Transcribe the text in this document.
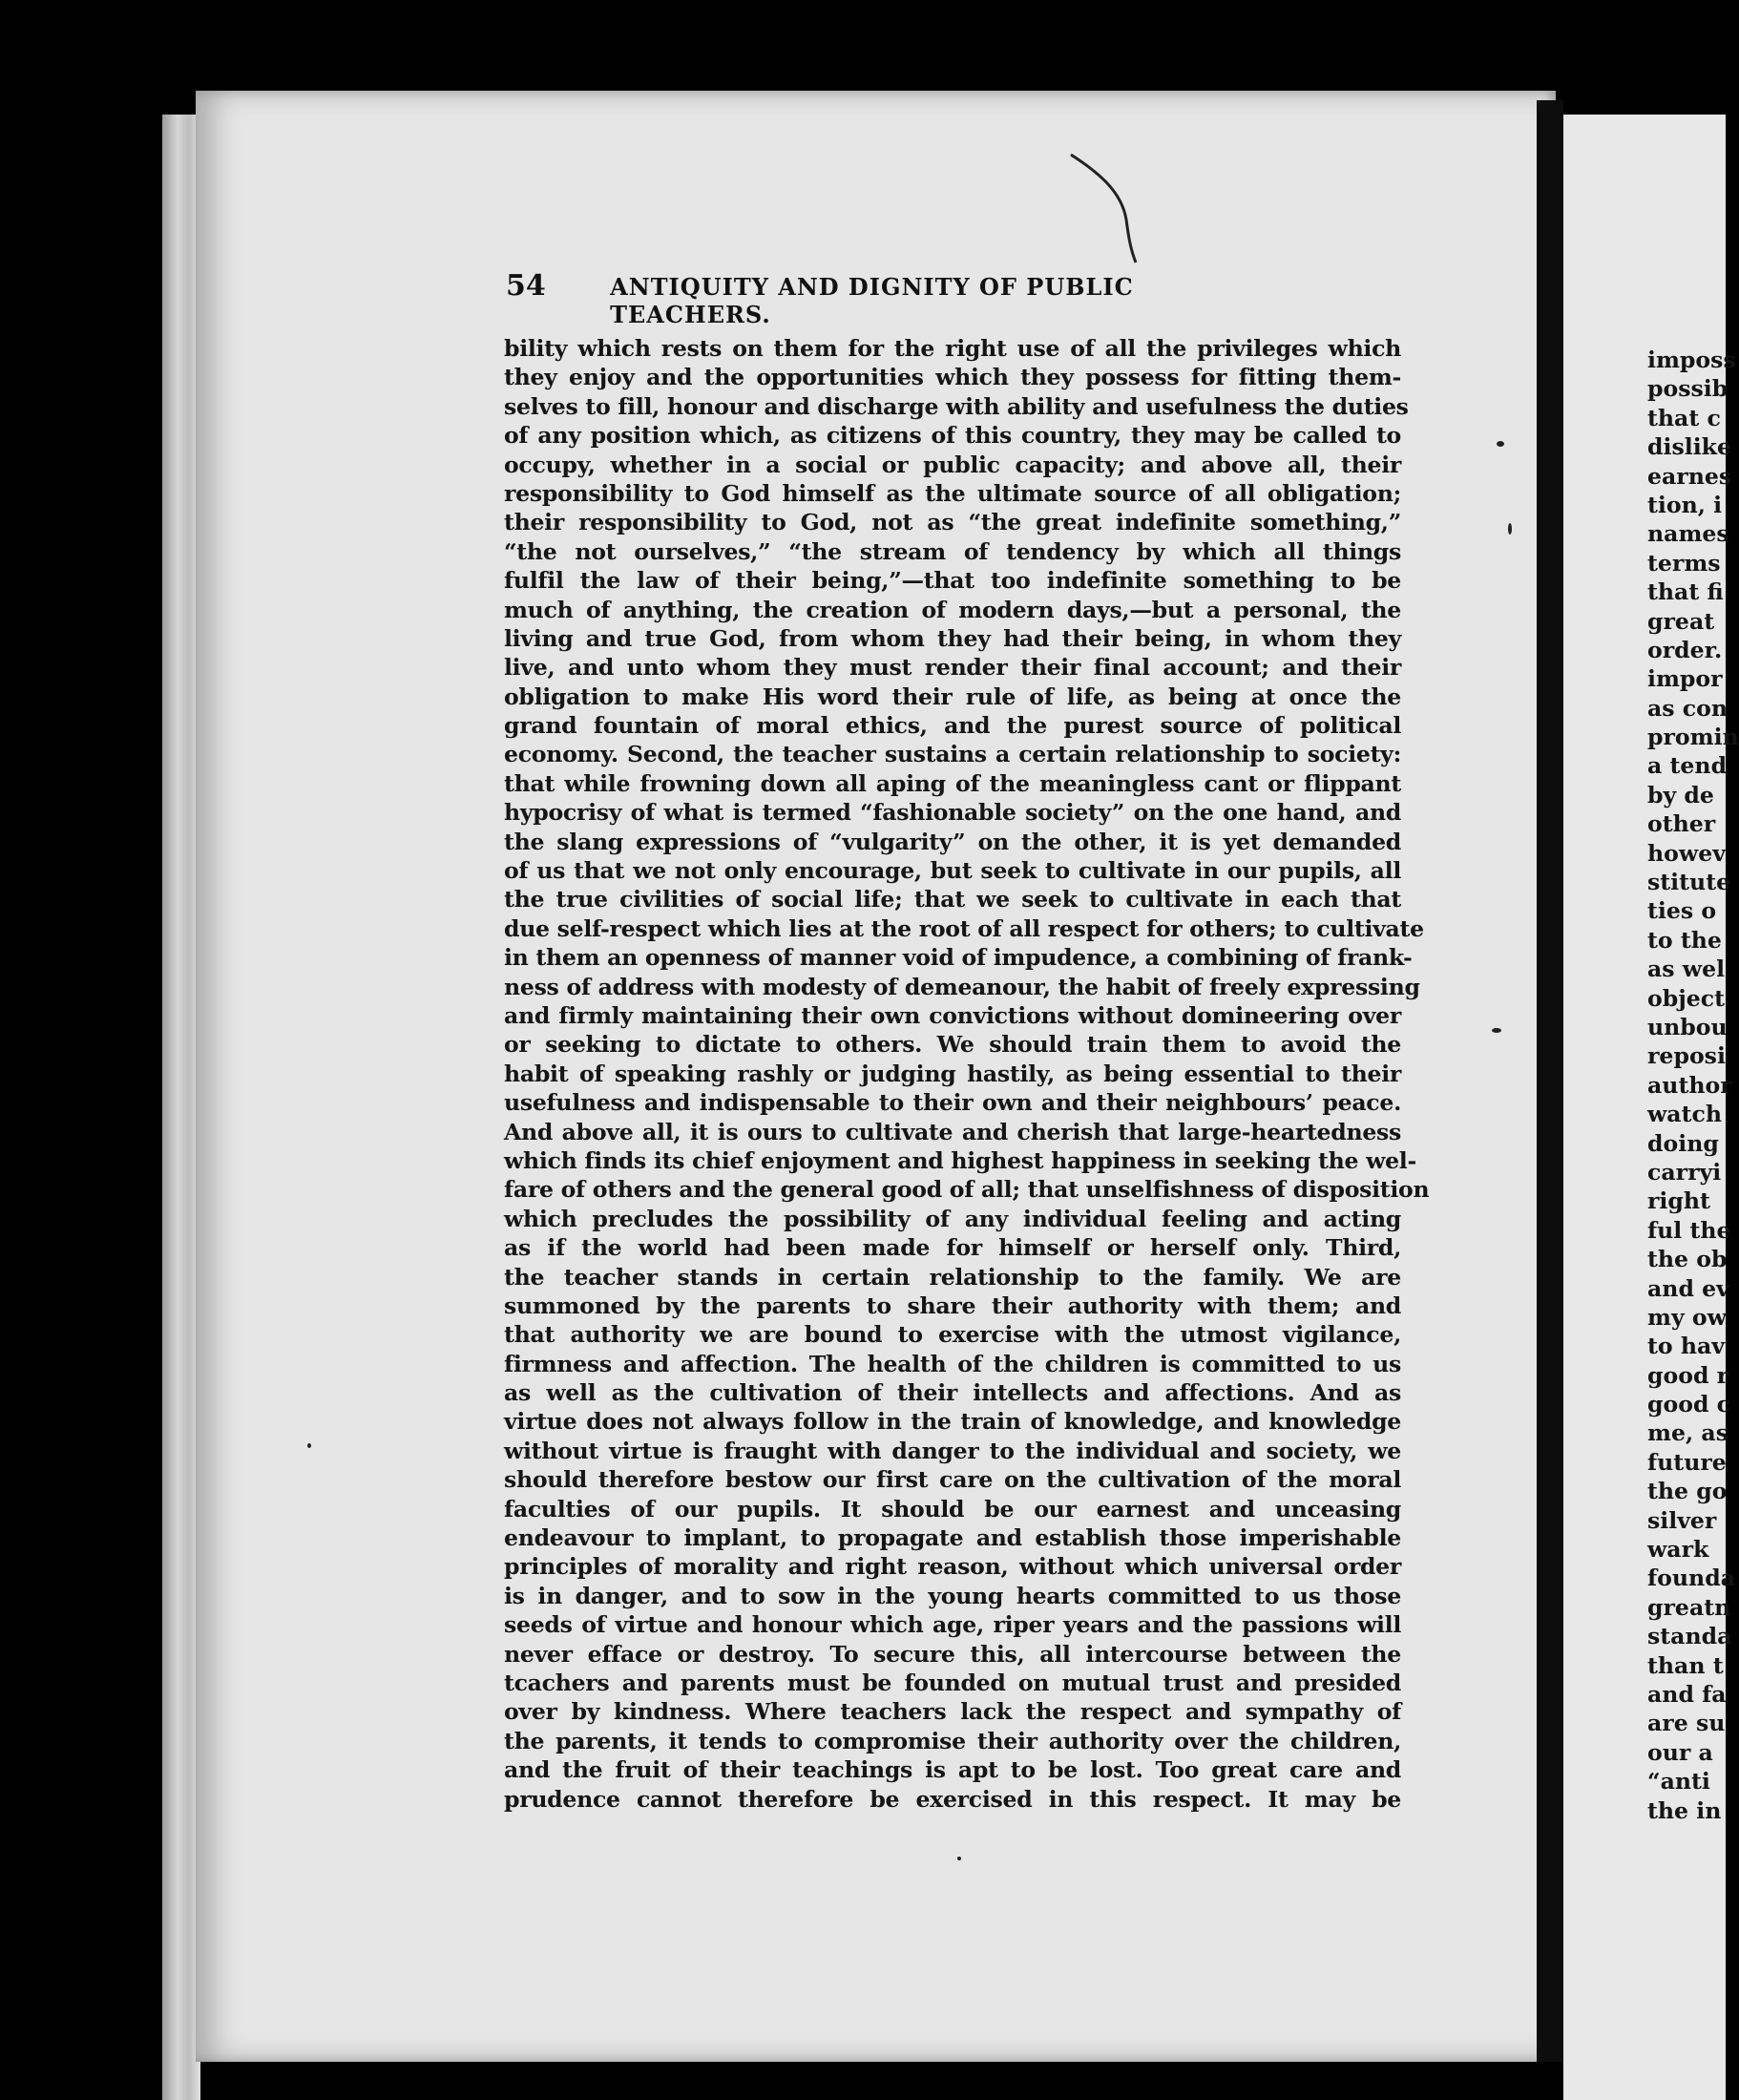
54	ANTIQUITY AND DIGNITY OF PUBLIC TEACHERS.
bility which rests on them for the right use of all the privileges which
they enjoy and the opportunities which they possess for fitting them-
selves to fill, honour and discharge with ability and usefulness the duties
of any position which, as citizens of this country, they may be called to
occupy, whether in a social or public capacity; and above all, their
responsibility to God himself as the ultimate source of all obligation;
their responsibility to God, not as “the great indefinite something,”
“the not ourselves,” “the stream of tendency by which all things
fulfil the law of their being,”—that too indefinite something to be
much of anything, the creation of modern days,—but a personal, the
living and true God, from whom they had their being, in whom they
live, and unto whom they must render their final account; and their
obligation to make His word their rule of life, as being at once the
grand fountain of moral ethics, and the purest source of political
economy. Second, the teacher sustains a certain relationship to society:
that while frowning down all aping of the meaningless cant or flippant
hypocrisy of what is termed “fashionable society” on the one hand, and
the slang expressions of “vulgarity” on the other, it is yet demanded
of us that we not only encourage, but seek to cultivate in our pupils, all
the true civilities of social life; that we seek to cultivate in each that
due self-respect which lies at the root of all respect for others; to cultivate
in them an openness of manner void of impudence, a combining of frank-
ness of address with modesty of demeanour, the habit of freely expressing
and firmly maintaining their own convictions without domineering over
or seeking to dictate to others. We should train them to avoid the
habit of speaking rashly or judging hastily, as being essential to their
usefulness and indispensable to their own and their neighbours’ peace.
And above all, it is ours to cultivate and cherish that large-heartedness
which finds its chief enjoyment and highest happiness in seeking the wel-
fare of others and the general good of all; that unselfishness of disposition
which precludes the possibility of any individual feeling and acting
as if the world had been made for himself or herself only. Third,
the teacher stands in certain relationship to the family. We are
summoned by the parents to share their authority with them; and
that authority we are bound to exercise with the utmost vigilance,
firmness and affection. The health of the children is committed to us
as well as the cultivation of their intellects and affections. And as
virtue does not always follow in the train of knowledge, and knowledge
without virtue is fraught with danger to the individual and society, we
should therefore bestow our first care on the cultivation of the moral
faculties of our pupils. It should be our earnest and unceasing
endeavour to implant, to propagate and establish those imperishable
principles of morality and right reason, without which universal order
is in danger, and to sow in the young hearts committed to us those
seeds of virtue and honour which age, riper years and the passions will
never efface or destroy. To secure this, all intercourse between the
tcachers and parents must be founded on mutual trust and presided
over by kindness. Where teachers lack the respect and sympathy of
the parents, it tends to compromise their authority over the children,
and the fruit of their teachings is apt to be lost. Too great care and
prudence cannot therefore be exercised in this respect. It may be
imposs
possib
that c
dislike
earnes
tion, i
names
terms
that fi
great
order.
impor
as con
promin
a tend
by de
other
howev
stitute
ties o
to the
as wel
object
unbou
reposi
author
watch
doing
carryi
right
ful the
the ob
and ev
my ow
to hav
good r
good c
me, as
future
the go
silver
wark
founda
greatn
standa
than t
and fa
are su
our a
“anti
the in
